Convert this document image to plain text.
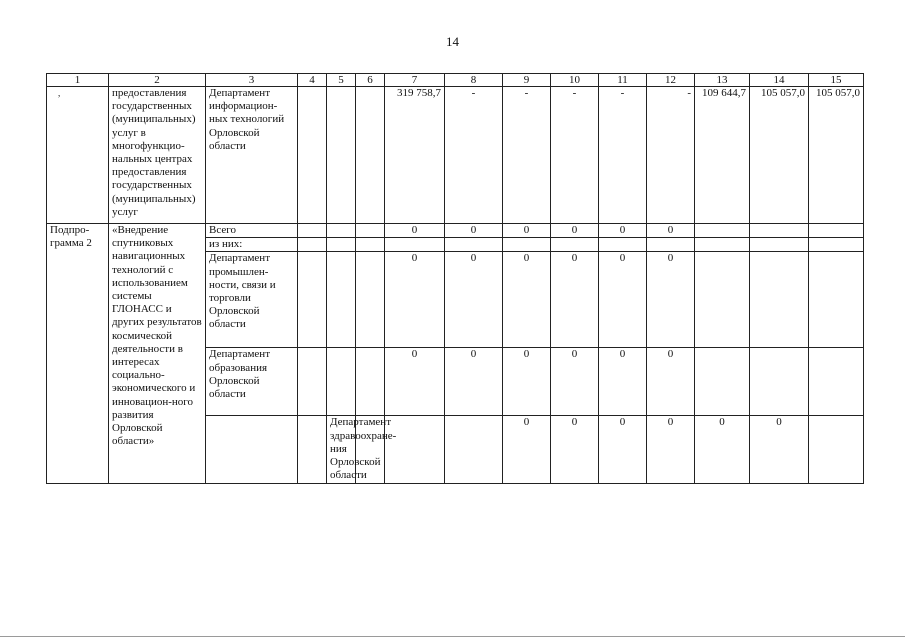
14
1	2	3	4	5	6	7	8	9	10	11	12	13	14	15	

,	предоставления государственных (муниципальных) услуг в многофункцио-нальных центрах предоставления государственных (муниципальных) услуг	Департамент информацион-ных технологий Орловской области				319 758,7	-	-	-	-	-	109 644,7	105 057,0	105 057,0	
Подпро-грамма 2	«Внедрение спутниковых навигационных технологий с использованием системы ГЛОНАСС и других результатов космической деятельности в интересах социально-экономического и инновацион-ного развития Орловской области»	Всего				0	0	0	0	0	0				
		из них:													
		Департамент промышлен-ности, связи и торговли Орловской области				0	0	0	0	0	0				
		Департамент образования Орловской области				0	0	0	0	0	0				
				Департамент здравоохране-ния Орловской области				0	0	0	0	0	0			
